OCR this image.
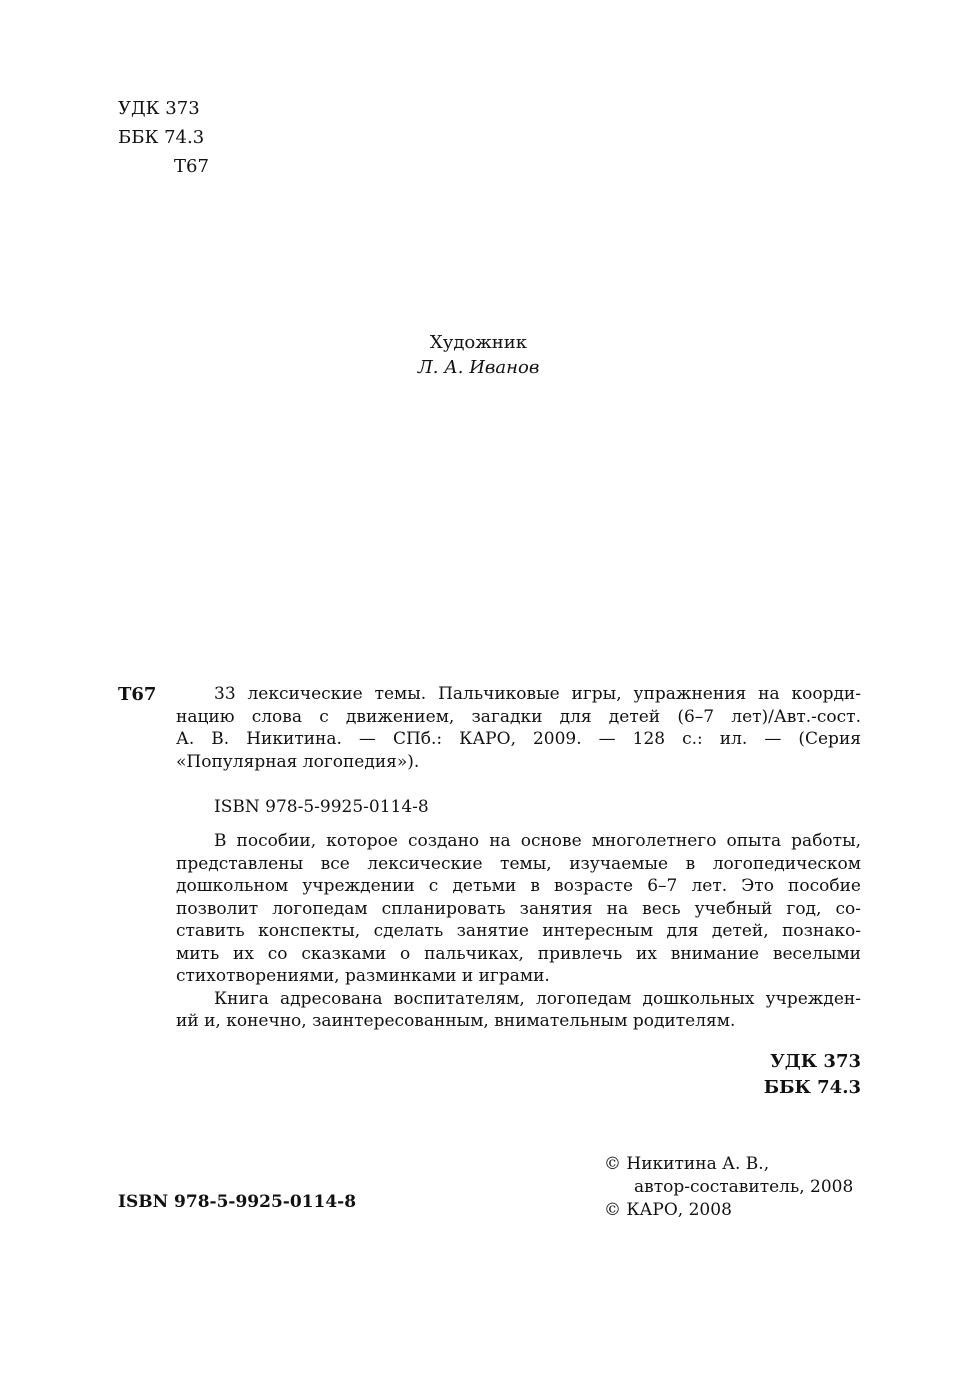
УДК 373
ББК 74.3
Т67
Художник
Л. А. Иванов
Т67	33 лексические темы. Пальчиковые игры, упражнения на коорди-
нацию слова с движением, загадки для детей (6–7 лет)/Авт.-сост.
А. В. Никитина. — СПб.: КАРО, 2009. — 128 с.: ил. — (Серия
«Популярная логопедия»).
ISBN 978-5-9925-0114-8
В пособии, которое создано на основе многолетнего опыта работы,
представлены все лексические темы, изучаемые в логопедическом
дошкольном учреждении с детьми в возрасте 6–7 лет. Это пособие
позволит логопедам спланировать занятия на весь учебный год, со-
ставить конспекты, сделать занятие интересным для детей, познако-
мить их со сказками о пальчиках, привлечь их внимание веселыми
стихотворениями, разминками и играми.
Книга адресована воспитателям, логопедам дошкольных учрежден-
ий и, конечно, заинтересованным, внимательным родителям.
УДК 373
ББК 74.3
ISBN 978-5-9925-0114-8
© Никитина А. В.,
автор-составитель, 2008
© КАРО, 2008
